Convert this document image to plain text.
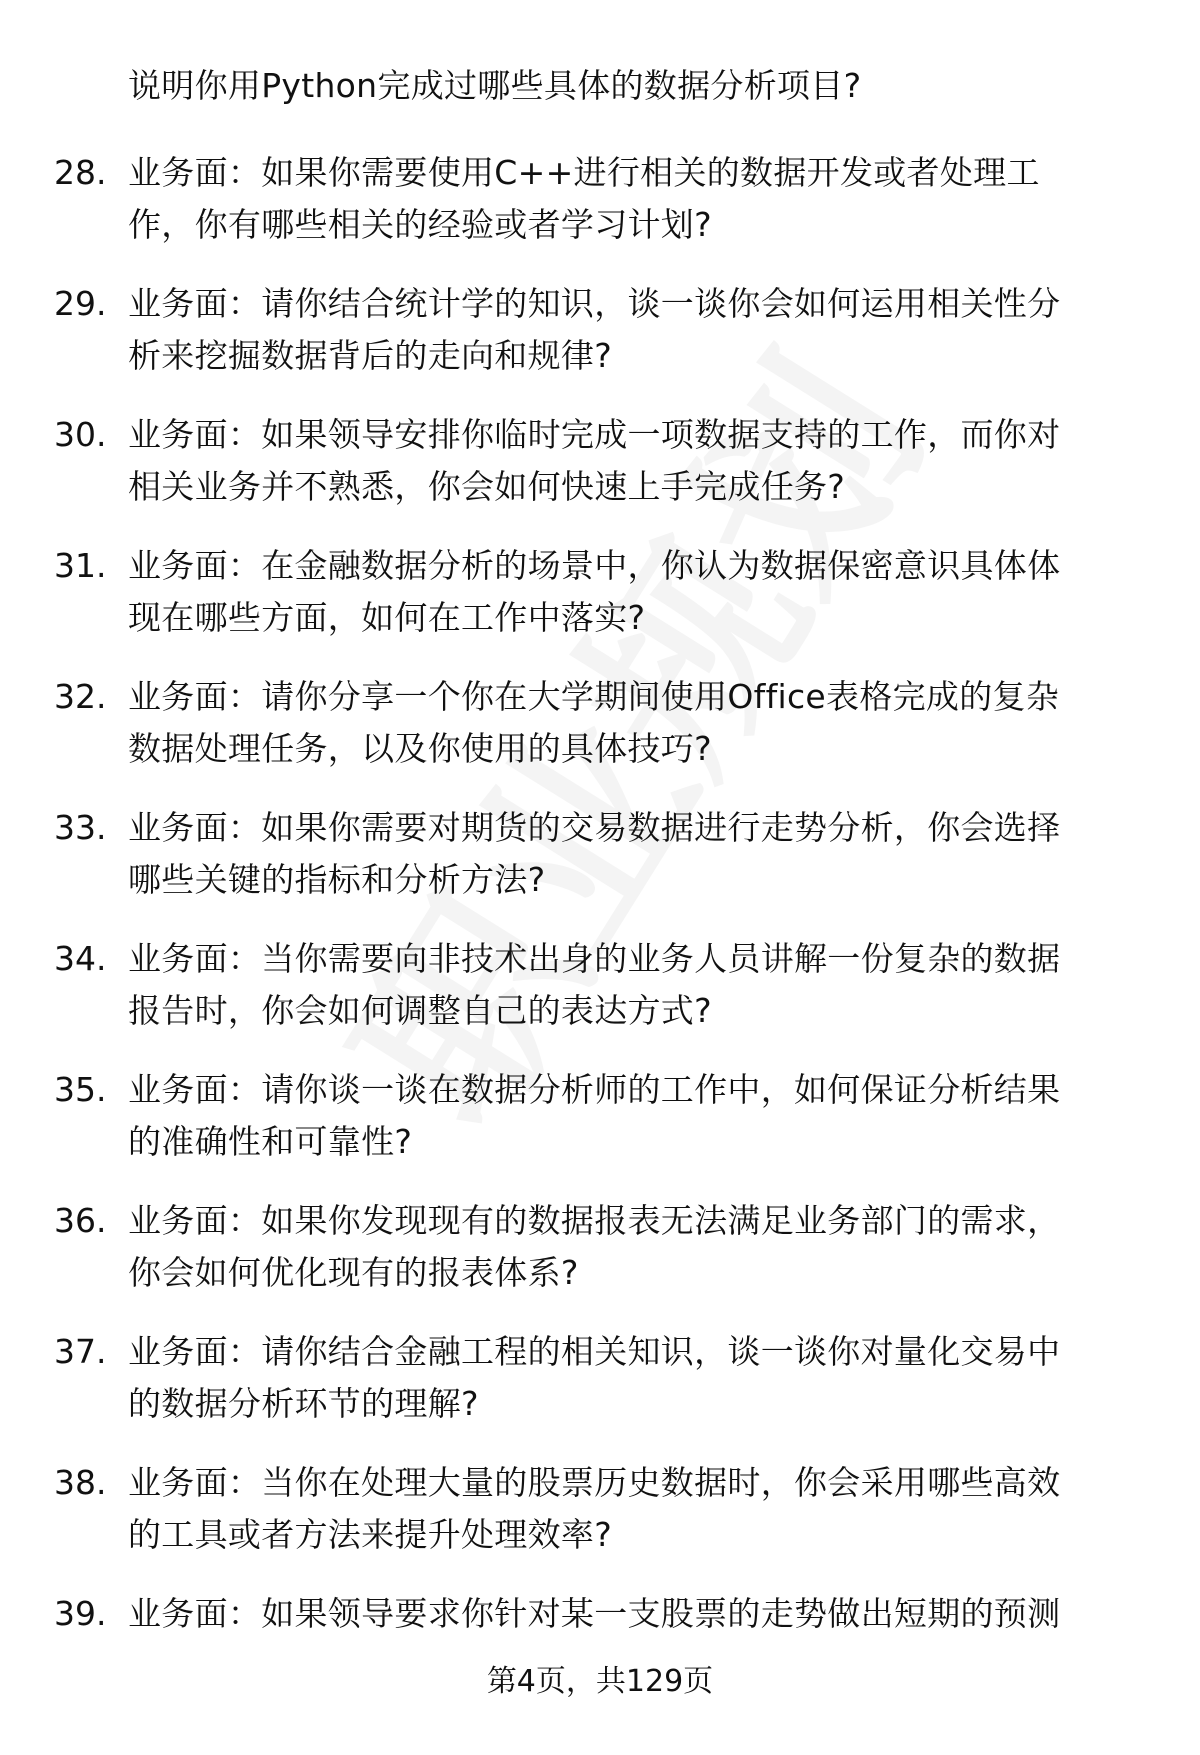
说明你用Python完成过哪些具体的数据分析项目?
28. 业务面：如果你需要使用C++进行相关的数据开发或者处理工
作，你有哪些相关的经验或者学习计划?
29. 业务面：请你结合统计学的知识，谈一谈你会如何运用相关性分
析来挖掘数据背后的走向和规律?
30. 业务面：如果领导安排你临时完成一项数据支持的工作，而你对
相关业务并不熟悉，你会如何快速上手完成任务?
31. 业务面：在金融数据分析的场景中，你认为数据保密意识具体体
现在哪些方面，如何在工作中落实?
32. 业务面：请你分享一个你在大学期间使用Office表格完成的复杂
数据处理任务，以及你使用的具体技巧?
33. 业务面：如果你需要对期货的交易数据进行走势分析，你会选择
哪些关键的指标和分析方法?
34. 业务面：当你需要向非技术出身的业务人员讲解一份复杂的数据
报告时，你会如何调整自己的表达方式?
35. 业务面：请你谈一谈在数据分析师的工作中，如何保证分析结果
的准确性和可靠性?
36. 业务面：如果你发现现有的数据报表无法满足业务部门的需求，
你会如何优化现有的报表体系?
37. 业务面：请你结合金融工程的相关知识，谈一谈你对量化交易中
的数据分析环节的理解?
38. 业务面：当你在处理大量的股票历史数据时，你会采用哪些高效
的工具或者方法来提升处理效率?
39. 业务面：如果领导要求你针对某一支股票的走势做出短期的预测
第4页，共129页
